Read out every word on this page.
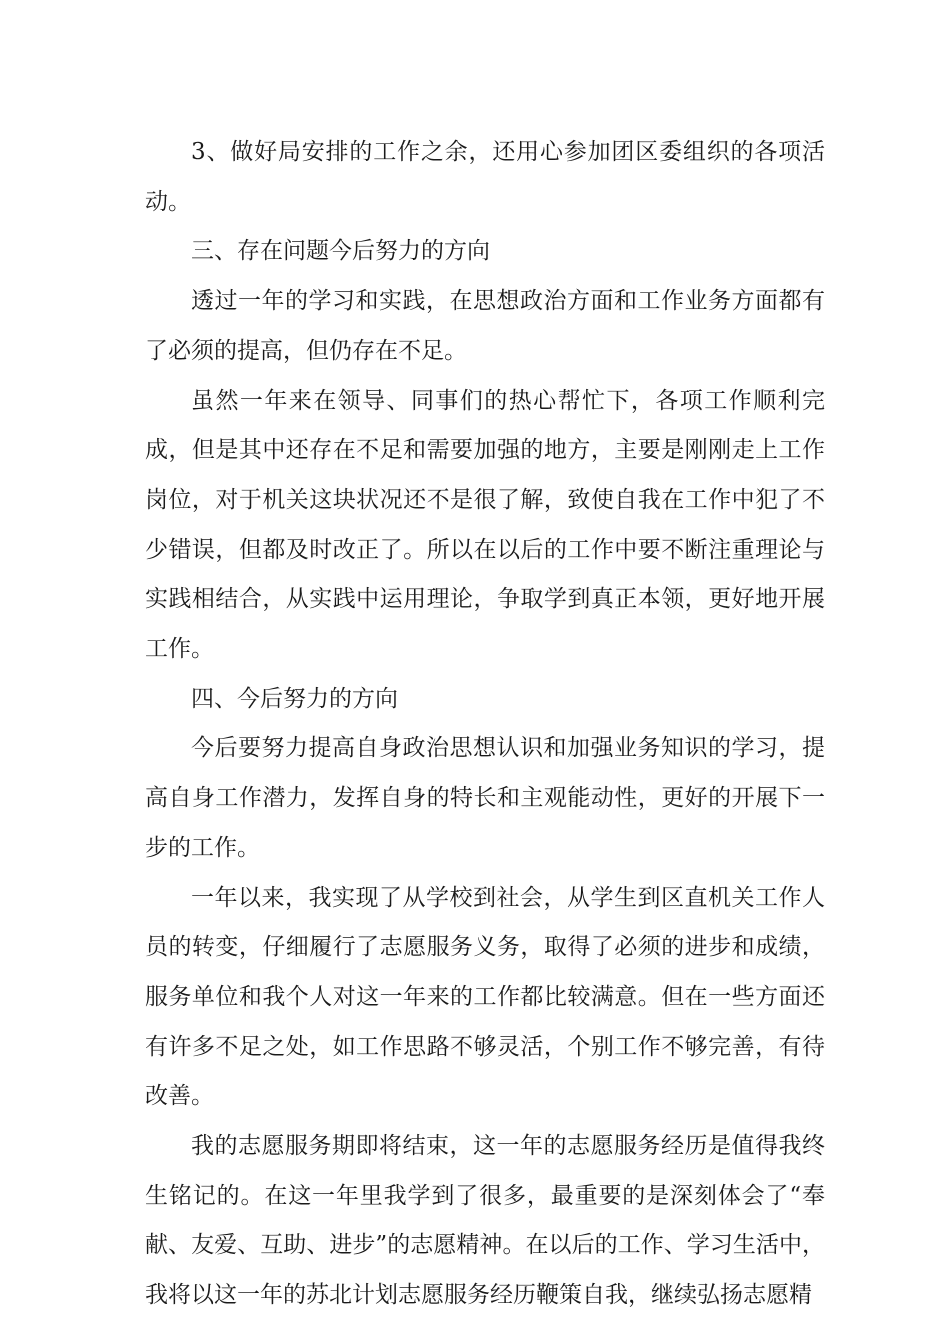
3、做好局安排的工作之余，还用心参加团区委组织的各项活动。

三、存在问题今后努力的方向

透过一年的学习和实践，在思想政治方面和工作业务方面都有了必须的提高，但仍存在不足。

虽然一年来在领导、同事们的热心帮忙下，各项工作顺利完成，但是其中还存在不足和需要加强的地方，主要是刚刚走上工作岗位，对于机关这块状况还不是很了解，致使自我在工作中犯了不少错误，但都及时改正了。所以在以后的工作中要不断注重理论与实践相结合，从实践中运用理论，争取学到真正本领，更好地开展工作。

四、今后努力的方向

今后要努力提高自身政治思想认识和加强业务知识的学习，提高自身工作潜力，发挥自身的特长和主观能动性，更好的开展下一步的工作。

一年以来，我实现了从学校到社会，从学生到区直机关工作人员的转变，仔细履行了志愿服务义务，取得了必须的进步和成绩，服务单位和我个人对这一年来的工作都比较满意。但在一些方面还有许多不足之处，如工作思路不够灵活，个别工作不够完善，有待改善。

我的志愿服务期即将结束，这一年的志愿服务经历是值得我终生铭记的。在这一年里我学到了很多，最重要的是深刻体会了“奉献、友爱、互助、进步”的志愿精神。在以后的工作、学习生活中，我将以这一年的苏北计划志愿服务经历鞭策自我，继续弘扬志愿精
